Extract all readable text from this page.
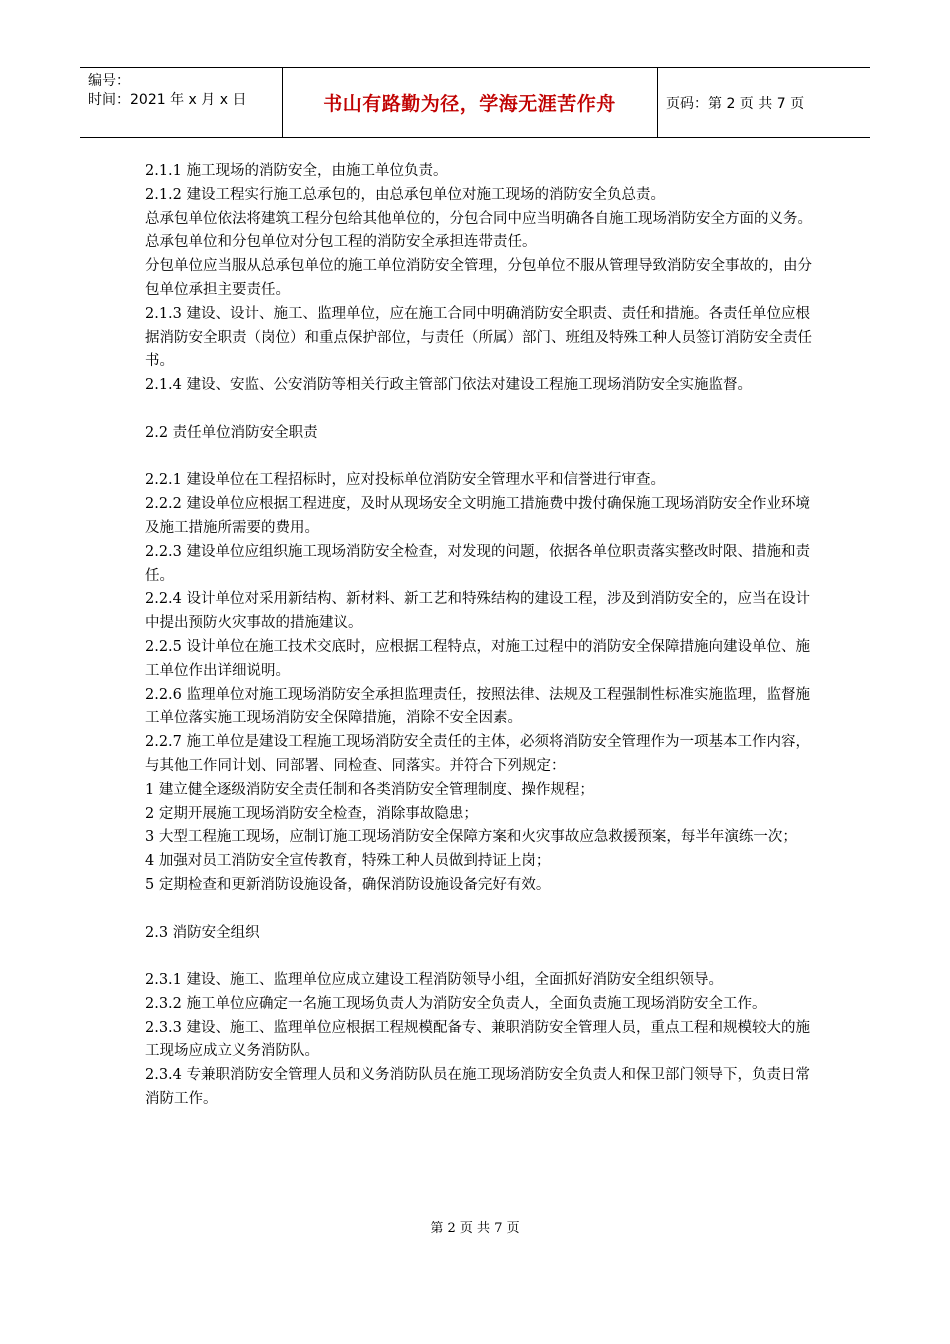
编号：
时间：2021 年 x 月 x 日	书山有路勤为径，学海无涯苦作舟	页码：第 2 页 共 7 页

2.1.1 施工现场的消防安全，由施工单位负责。

2.1.2 建设工程实行施工总承包的，由总承包单位对施工现场的消防安全负总责。

总承包单位依法将建筑工程分包给其他单位的，分包合同中应当明确各自施工现场消防安全方面的义务。总承包单位和分包单位对分包工程的消防安全承担连带责任。

分包单位应当服从总承包单位的施工单位消防安全管理，分包单位不服从管理导致消防安全事故的，由分包单位承担主要责任。

2.1.3 建设、设计、施工、监理单位，应在施工合同中明确消防安全职责、责任和措施。各责任单位应根据消防安全职责（岗位）和重点保护部位，与责任（所属）部门、班组及特殊工种人员签订消防安全责任书。

2.1.4 建设、安监、公安消防等相关行政主管部门依法对建设工程施工现场消防安全实施监督。

2.2 责任单位消防安全职责

2.2.1 建设单位在工程招标时，应对投标单位消防安全管理水平和信誉进行审查。

2.2.2 建设单位应根据工程进度，及时从现场安全文明施工措施费中拨付确保施工现场消防安全作业环境及施工措施所需要的费用。

2.2.3 建设单位应组织施工现场消防安全检查，对发现的问题，依据各单位职责落实整改时限、措施和责任。

2.2.4 设计单位对采用新结构、新材料、新工艺和特殊结构的建设工程，涉及到消防安全的，应当在设计中提出预防火灾事故的措施建议。

2.2.5 设计单位在施工技术交底时，应根据工程特点，对施工过程中的消防安全保障措施向建设单位、施工单位作出详细说明。

2.2.6 监理单位对施工现场消防安全承担监理责任，按照法律、法规及工程强制性标准实施监理，监督施工单位落实施工现场消防安全保障措施，消除不安全因素。

2.2.7 施工单位是建设工程施工现场消防安全责任的主体，必须将消防安全管理作为一项基本工作内容，与其他工作同计划、同部署、同检查、同落实。并符合下列规定：

1 建立健全逐级消防安全责任制和各类消防安全管理制度、操作规程；

2 定期开展施工现场消防安全检查，消除事故隐患；

3 大型工程施工现场，应制订施工现场消防安全保障方案和火灾事故应急救援预案，每半年演练一次；

4 加强对员工消防安全宣传教育，特殊工种人员做到持证上岗；

5 定期检查和更新消防设施设备，确保消防设施设备完好有效。

2.3 消防安全组织

2.3.1 建设、施工、监理单位应成立建设工程消防领导小组，全面抓好消防安全组织领导。

2.3.2 施工单位应确定一名施工现场负责人为消防安全负责人，全面负责施工现场消防安全工作。

2.3.3 建设、施工、监理单位应根据工程规模配备专、兼职消防安全管理人员，重点工程和规模较大的施工现场应成立义务消防队。

2.3.4 专兼职消防安全管理人员和义务消防队员在施工现场消防安全负责人和保卫部门领导下，负责日常消防工作。

第 2 页 共 7 页
